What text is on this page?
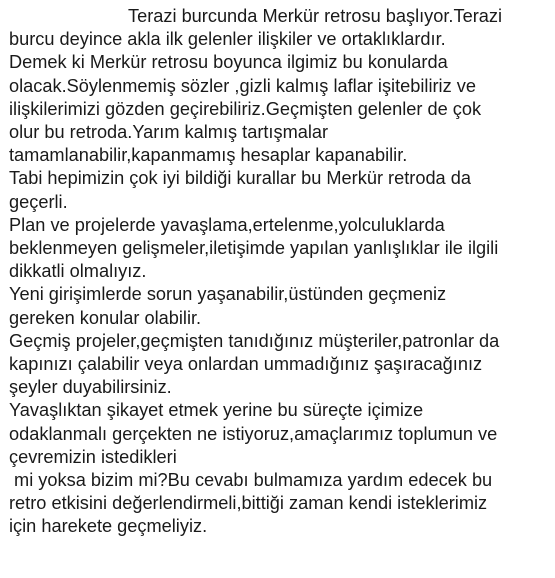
Terazi burcunda Merkür retrosu başlıyor.Terazi
burcu deyince akla ilk gelenler ilişkiler ve ortaklıklardır.
Demek ki Merkür retrosu boyunca ilgimiz bu konularda
olacak.Söylenmemiş sözler ,gizli kalmış laflar işitebiliriz ve
ilişkilerimizi gözden geçirebiliriz.Geçmişten gelenler de çok
olur bu retroda.Yarım kalmış tartışmalar
tamamlanabilir,kapanmamış hesaplar kapanabilir.
Tabi hepimizin çok iyi bildiği kurallar bu Merkür retroda da
geçerli.
Plan ve projelerde yavaşlama,ertelenme,yolculuklarda
beklenmeyen gelişmeler,iletişimde yapılan yanlışlıklar ile ilgili
dikkatli olmalıyız.
Yeni girişimlerde sorun yaşanabilir,üstünden geçmeniz
gereken konular olabilir.
Geçmiş projeler,geçmişten tanıdığınız müşteriler,patronlar da
kapınızı çalabilir veya onlardan ummadığınız şaşıracağınız
şeyler duyabilirsiniz.
Yavaşlıktan şikayet etmek yerine bu süreçte içimize
odaklanmalı gerçekten ne istiyoruz,amaçlarımız toplumun ve
çevremizin istedikleri
mi yoksa bizim mi?Bu cevabı bulmamıza yardım edecek bu
retro etkisini değerlendirmeli,bittiği zaman kendi isteklerimiz
için harekete geçmeliyiz.
